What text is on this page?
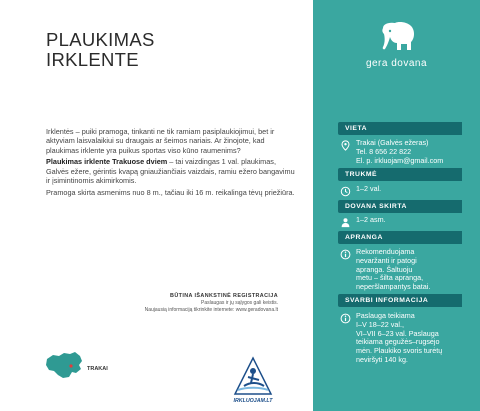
PLAUKIMAS
IRKLENTE

Irklentės – puiki pramoga, tinkanti ne tik ramiam pasiplaukiojimui, bet ir aktyviam laisvalaikiui su draugais ar šeimos nariais. Ar žinojote, kad plaukimas irklente yra puikus sportas viso kūno raumenims?

Plaukimas irklente Trakuose dviem – tai vaizdingas 1 val. plaukimas, Galvės ežere, gėrintis kvapą gniaužiančiais vaizdais, ramiu ežero bangavimu ir įsimintinomis akimirkomis.

Pramoga skirta asmenims nuo 8 m., tačiau iki 16 m. reikalinga tėvų priežiūra.

BŪTINA IŠANKSTINĖ REGISTRACIJA
Paslaugas ir jų sąlygos gali keistis.
Naujausią informaciją tikrinkite internete: www.geradovana.lt
TRAKAI
IRKLUOJAM.LT
gera dovana
VIETA
Trakai (Galvės ežeras)
Tel. 8 656 22 822
El. p. irkluojam@gmail.com
TRUKMĖ
1–2 val.
DOVANA SKIRTA
1–2 asm.
APRANGA
Rekomenduojama
nevaržanti ir patogi
apranga. Šaltuoju
metu – šilta apranga,
neperšlampantys batai.
SVARBI INFORMACIJA
Paslauga teikiama
I–V 18–22 val.,
VI–VII 6–23 val. Paslauga
teikiama gegužės–rugsėjo
mėn. Plaukiko svoris turėtų
neviršyti 140 kg.
